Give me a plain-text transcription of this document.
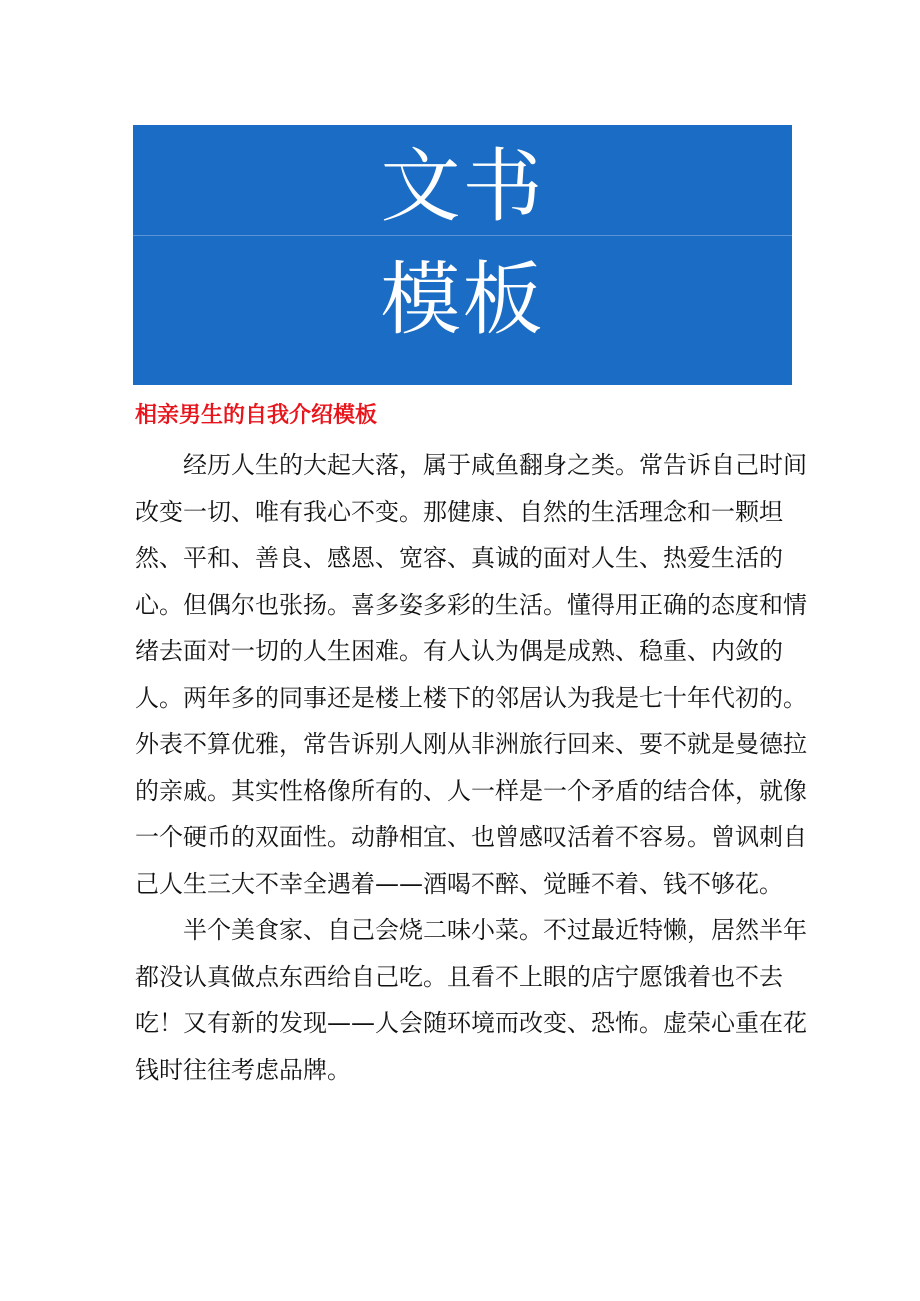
文书
模板
相亲男生的自我介绍模板

经历人生的大起大落，属于咸鱼翻身之类。常告诉自己时间改变一切、唯有我心不变。那健康、自然的生活理念和一颗坦然、平和、善良、感恩、宽容、真诚的面对人生、热爱生活的心。但偶尔也张扬。喜多姿多彩的生活。懂得用正确的态度和情绪去面对一切的人生困难。有人认为偶是成熟、稳重、内敛的人。两年多的同事还是楼上楼下的邻居认为我是七十年代初的。外表不算优雅，常告诉别人刚从非洲旅行回来、要不就是曼德拉的亲戚。其实性格像所有的、人一样是一个矛盾的结合体，就像一个硬币的双面性。动静相宜、也曾感叹活着不容易。曾讽刺自己人生三大不幸全遇着——酒喝不醉、觉睡不着、钱不够花。

半个美食家、自己会烧二味小菜。不过最近特懒，居然半年都没认真做点东西给自己吃。且看不上眼的店宁愿饿着也不去吃！又有新的发现——人会随环境而改变、恐怖。虚荣心重在花钱时往往考虑品牌。
